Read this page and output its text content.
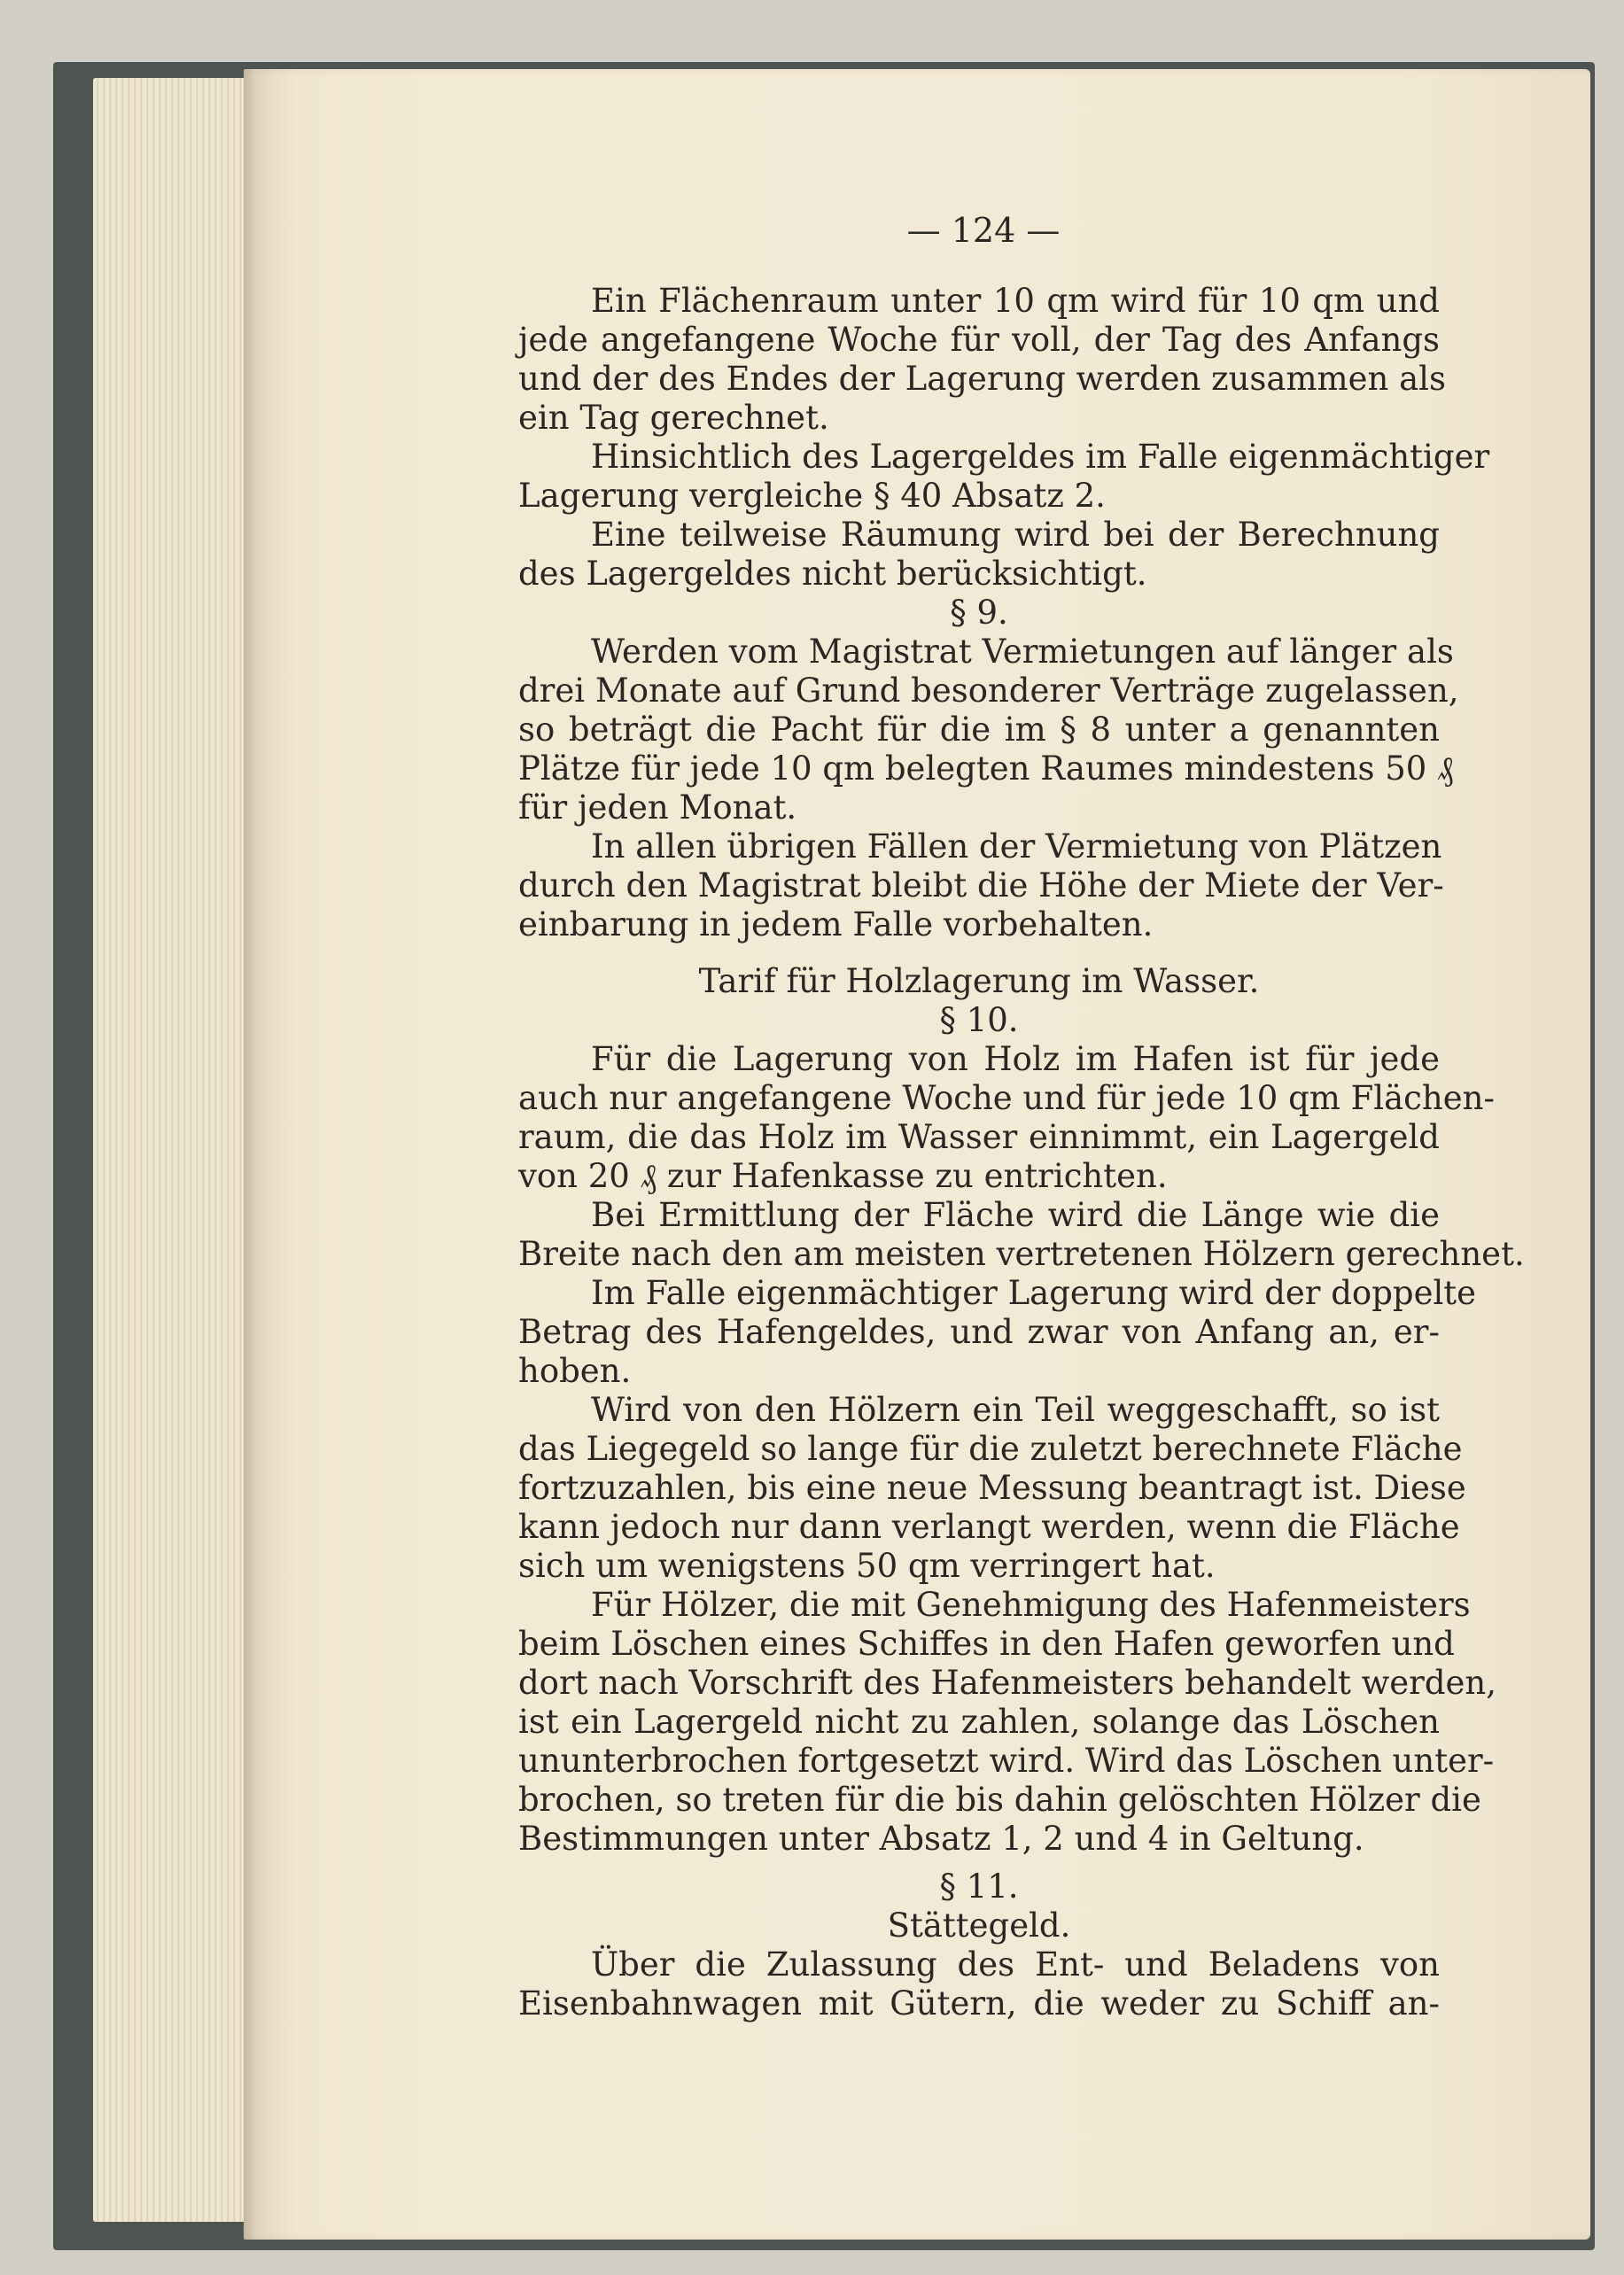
— 124 —
Ein Flächenraum unter 10 qm wird für 10 qm und
jede angefangene Woche für voll, der Tag des Anfangs
und der des Endes der Lagerung werden zusammen als
ein Tag gerechnet.
Hinsichtlich des Lagergeldes im Falle eigenmächtiger
Lagerung vergleiche § 40 Absatz 2.
Eine teilweise Räumung wird bei der Berechnung
des Lagergeldes nicht berücksichtigt.
§ 9.
Werden vom Magistrat Vermietungen auf länger als
drei Monate auf Grund besonderer Verträge zugelassen,
so beträgt die Pacht für die im § 8 unter a genannten
Plätze für jede 10 qm belegten Raumes mindestens 50 ₰
für jeden Monat.
In allen übrigen Fällen der Vermietung von Plätzen
durch den Magistrat bleibt die Höhe der Miete der Ver-
einbarung in jedem Falle vorbehalten.
Tarif für Holzlagerung im Wasser.
§ 10.
Für die Lagerung von Holz im Hafen ist für jede
auch nur angefangene Woche und für jede 10 qm Flächen-
raum, die das Holz im Wasser einnimmt, ein Lagergeld
von 20 ₰ zur Hafenkasse zu entrichten.
Bei Ermittlung der Fläche wird die Länge wie die
Breite nach den am meisten vertretenen Hölzern gerechnet.
Im Falle eigenmächtiger Lagerung wird der doppelte
Betrag des Hafengeldes, und zwar von Anfang an, er-
hoben.
Wird von den Hölzern ein Teil weggeschafft, so ist
das Liegegeld so lange für die zuletzt berechnete Fläche
fortzuzahlen, bis eine neue Messung beantragt ist. Diese
kann jedoch nur dann verlangt werden, wenn die Fläche
sich um wenigstens 50 qm verringert hat.
Für Hölzer, die mit Genehmigung des Hafenmeisters
beim Löschen eines Schiffes in den Hafen geworfen und
dort nach Vorschrift des Hafenmeisters behandelt werden,
ist ein Lagergeld nicht zu zahlen, solange das Löschen
ununterbrochen fortgesetzt wird. Wird das Löschen unter-
brochen, so treten für die bis dahin gelöschten Hölzer die
Bestimmungen unter Absatz 1, 2 und 4 in Geltung.
§ 11.
Stättegeld.
Über die Zulassung des Ent- und Beladens von
Eisenbahnwagen mit Gütern, die weder zu Schiff an-
